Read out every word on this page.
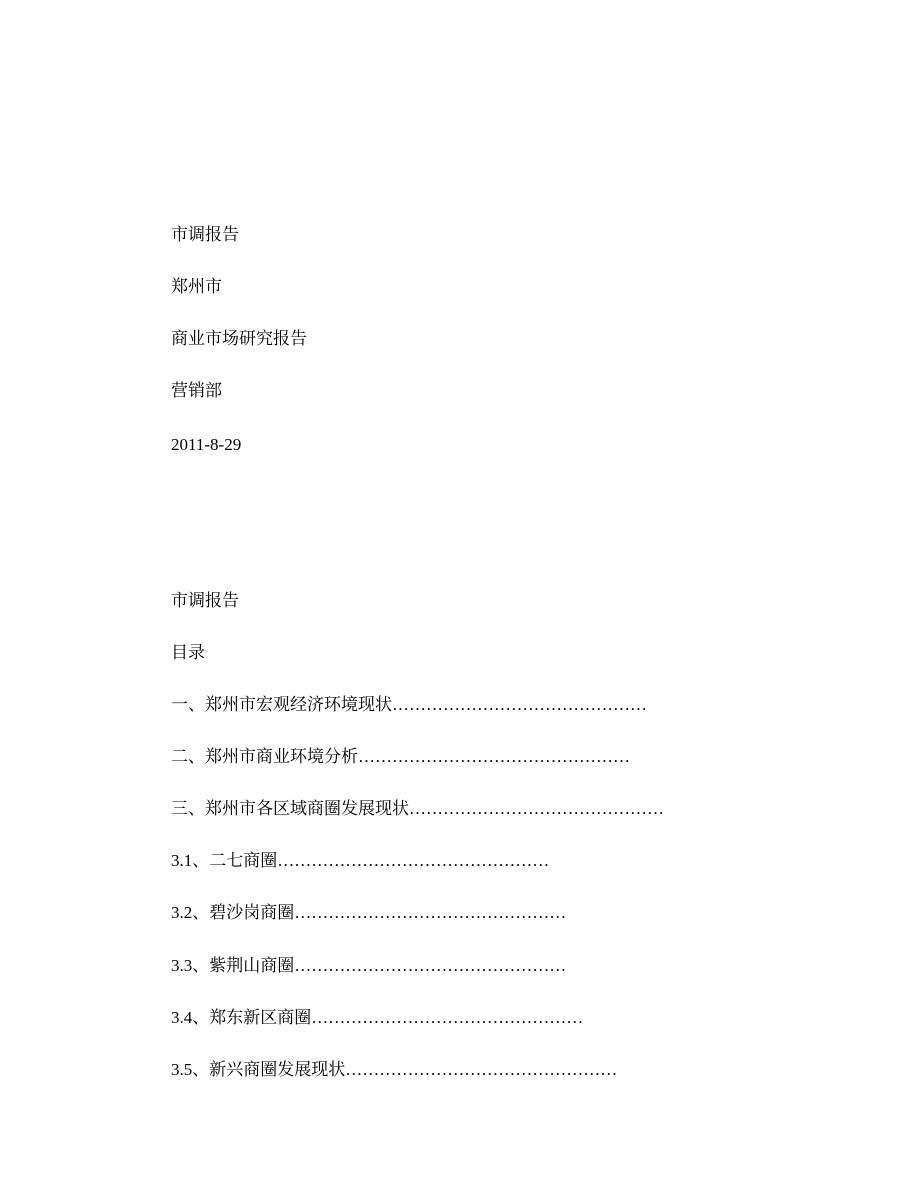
市调报告
郑州市
商业市场研究报告
营销部
2011-8-29
市调报告
目录
一、郑州市宏观经济环境现状………………………………………
二、郑州市商业环境分析…………………………………………
三、郑州市各区域商圈发展现状………………………………………
3.1、二七商圈…………………………………………
3.2、碧沙岗商圈…………………………………………
3.3、紫荆山商圈…………………………………………
3.4、郑东新区商圈…………………………………………
3.5、新兴商圈发展现状…………………………………………
